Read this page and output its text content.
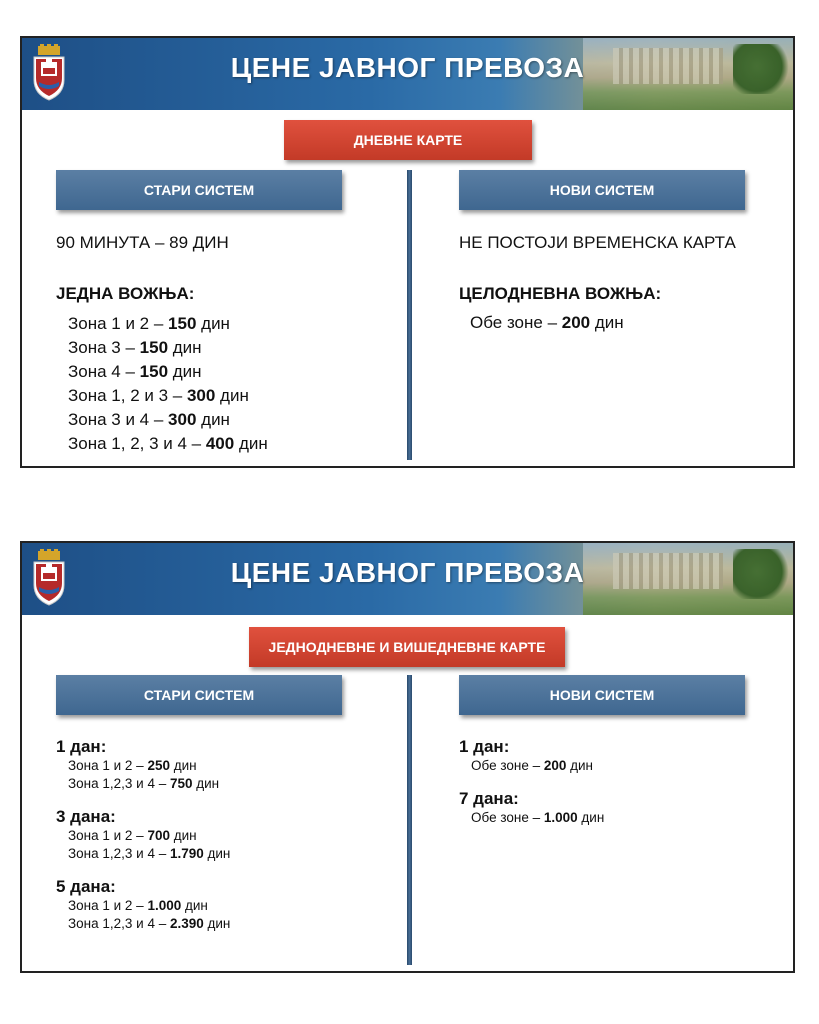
ЦЕНЕ ЈАВНОГ ПРЕВОЗА
ДНЕВНЕ КАРТЕ
СТАРИ СИСТЕМ	НОВИ СИСТЕМ
90 МИНУТА – 89 ДИН
ЈЕДНА ВОЖЊА:
Зона 1 и 2 – 150 дин
Зона 3 – 150 дин
Зона 4 – 150 дин
Зона 1, 2 и 3 – 300 дин
Зона 3 и 4 – 300 дин
Зона 1, 2, 3 и 4 – 400 дин
НЕ ПОСТОЈИ ВРЕМЕНСКА КАРТА
ЦЕЛОДНЕВНА ВОЖЊА:
Обе зоне – 200 дин
ЦЕНЕ ЈАВНОГ ПРЕВОЗА
ЈЕДНОДНЕВНЕ И ВИШЕДНЕВНЕ КАРТЕ
СТАРИ СИСТЕМ	НОВИ СИСТЕМ
1 дан:
Зона 1 и 2 – 250 дин
Зона 1,2,3 и 4 – 750 дин
3 дана:
Зона 1 и 2 – 700 дин
Зона 1,2,3 и 4 – 1.790 дин
5 дана:
Зона 1 и 2 – 1.000 дин
Зона 1,2,3 и 4 – 2.390 дин
1 дан:
Обе зоне – 200 дин
7 дана:
Обе зоне – 1.000 дин
